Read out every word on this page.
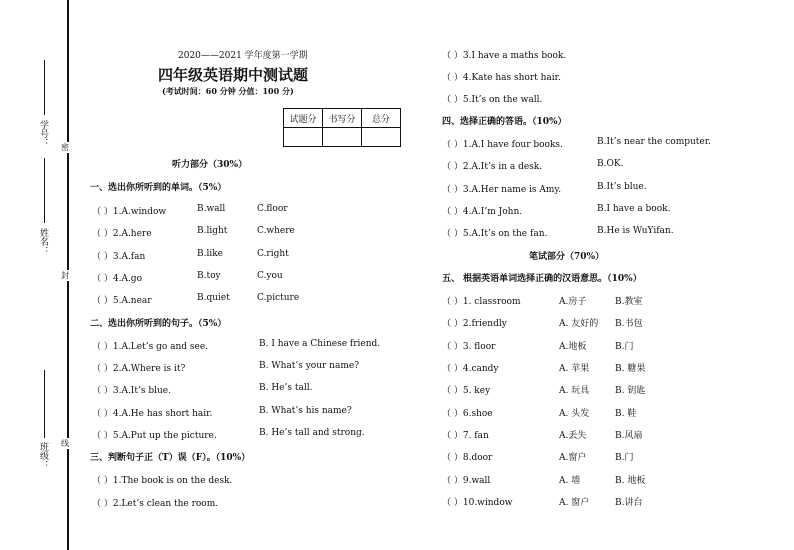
学号：
姓名：
班级：
密
封
线
2020——2021 学年度第一学期
四年级英语期中测试题
(考试时间：60 分钟 分值：100 分)
试题分	书写分	总分

听力部分（30%）
一、选出你所听到的单词。（5%）
（ ）1.A.window	B.wall	C.floor
（ ）2.A.here	B.light	C.where
（ ）3.A.fan	B.like	C.right
（ ）4.A.go	B.toy	C.you
（ ）5.A.near	B.quiet	C.picture
二、选出你所听到的句子。（5%）
（ ）1.A.Let’s go and see.	B. I have a Chinese friend.
（ ）2.A.Where is it?	B. What’s your name?
（ ）3.A.It’s blue.	B. He’s tall.
（ ）4.A.He has short hair.	B. What’s his name?
（ ）5.A.Put up the picture.	B. He’s tall and strong.
三、判断句子正（T）误（F）。（10%）
（ ）1.The book is on the desk.
（ ）2.Let’s clean the room.
（ ）3.I have a maths book.
（ ）4.Kate has short hair.
（ ）5.It’s on the wall.
四、选择正确的答语。（10%）
（ ）1.A.I have four books.	B.It’s near the computer.
（ ）2.A.It’s in a desk.	B.OK.
（ ）3.A.Her name is Amy.	B.It’s blue.
（ ）4.A.I’m John.	B.I have a book.
（ ）5.A.It’s on the fan.	B.He is WuYifan.
笔试部分（70%）
五、 根据英语单词选择正确的汉语意思。（10%）
（ ）1. classroom	A.房子	B.教室
（ ）2.friendly	A. 友好的 B.书包
（ ）3. floor	A.地板	B.门
（ ）4.candy	A. 苹果	B. 糖果
（ ）5. key	A. 玩具	B. 钥匙
（ ）6.shoe	A. 头发	B. 鞋
（ ）7. fan	A.丢失	B.风扇
（ ）8.door	A.窗户	B.门
（ ）9.wall	A. 墙	B. 地板
（ ）10.window	A. 窗户	B.讲台
